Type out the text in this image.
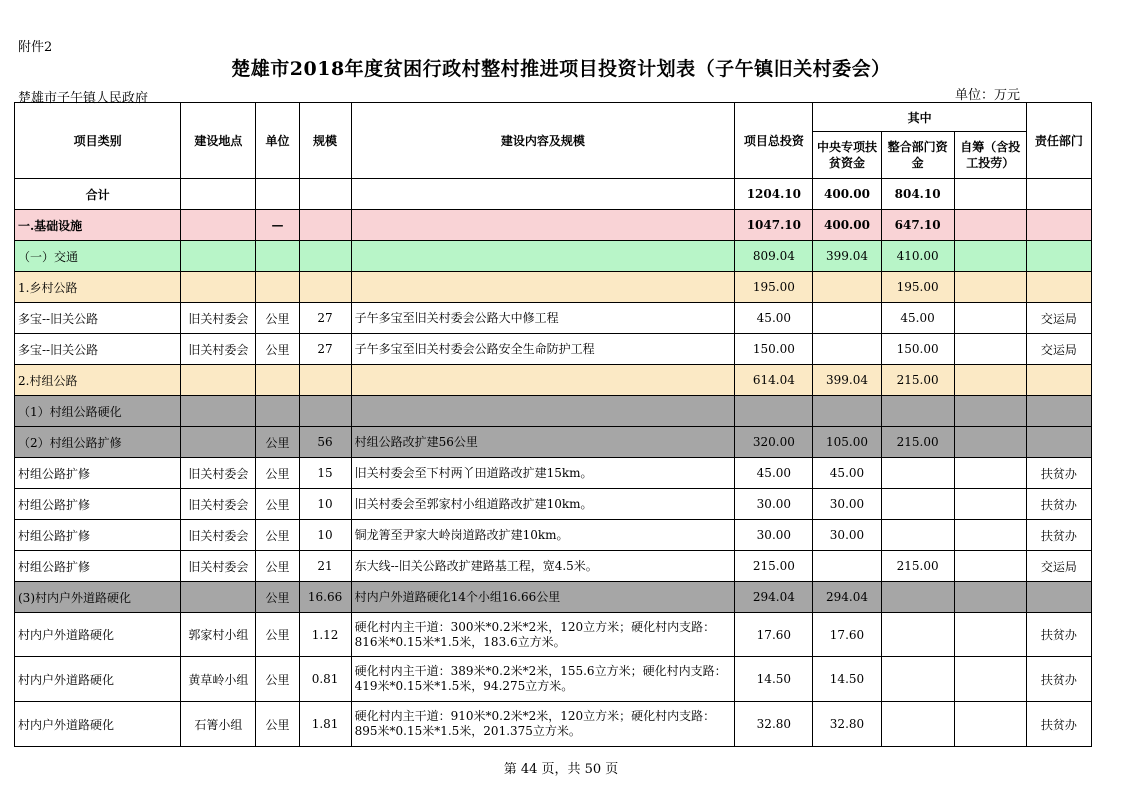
附件2
楚雄市2018年度贫困行政村整村推进项目投资计划表（子午镇旧关村委会）
楚雄市子午镇人民政府	单位：万元
项目类别	建设地点	单位	规模	建设内容及规模	项目总投资	其中			责任部门
						中央专项扶贫资金	整合部门资金	自筹（含投工投劳）	
合计					1204.10	400.00	804.10		
一.基础设施		—			1047.10	400.00	647.10		
（一）交通					809.04	399.04	410.00		
1.乡村公路					195.00		195.00		
多宝--旧关公路	旧关村委会	公里	27	子午多宝至旧关村委会公路大中修工程	45.00		45.00		交运局
多宝--旧关公路	旧关村委会	公里	27	子午多宝至旧关村委会公路安全生命防护工程	150.00		150.00		交运局
2.村组公路					614.04	399.04	215.00		
（1）村组公路硬化									
（2）村组公路扩修		公里	56	村组公路改扩建56公里	320.00	105.00	215.00		
村组公路扩修	旧关村委会	公里	15	旧关村委会至下村两丫田道路改扩建15km。	45.00	45.00			扶贫办
村组公路扩修	旧关村委会	公里	10	旧关村委会至郭家村小组道路改扩建10km。	30.00	30.00			扶贫办
村组公路扩修	旧关村委会	公里	10	铜龙箐至尹家大岭岗道路改扩建10km。	30.00	30.00			扶贫办
村组公路扩修	旧关村委会	公里	21	东大线--旧关公路改扩建路基工程，宽4.5米。	215.00		215.00		交运局
(3)村内户外道路硬化		公里	16.66	村内户外道路硬化14个小组16.66公里	294.04	294.04			
村内户外道路硬化	郭家村小组	公里	1.12	硬化村内主干道：300米*0.2米*2米，120立方米；硬化村内支路：816米*0.15米*1.5米，183.6立方米。	17.60	17.60			扶贫办
村内户外道路硬化	黄草岭小组	公里	0.81	硬化村内主干道：389米*0.2米*2米，155.6立方米；硬化村内支路：419米*0.15米*1.5米，94.275立方米。	14.50	14.50			扶贫办
村内户外道路硬化	石箐小组	公里	1.81	硬化村内主干道：910米*0.2米*2米，120立方米；硬化村内支路：895米*0.15米*1.5米，201.375立方米。	32.80	32.80			扶贫办
第 44 页，共 50 页
